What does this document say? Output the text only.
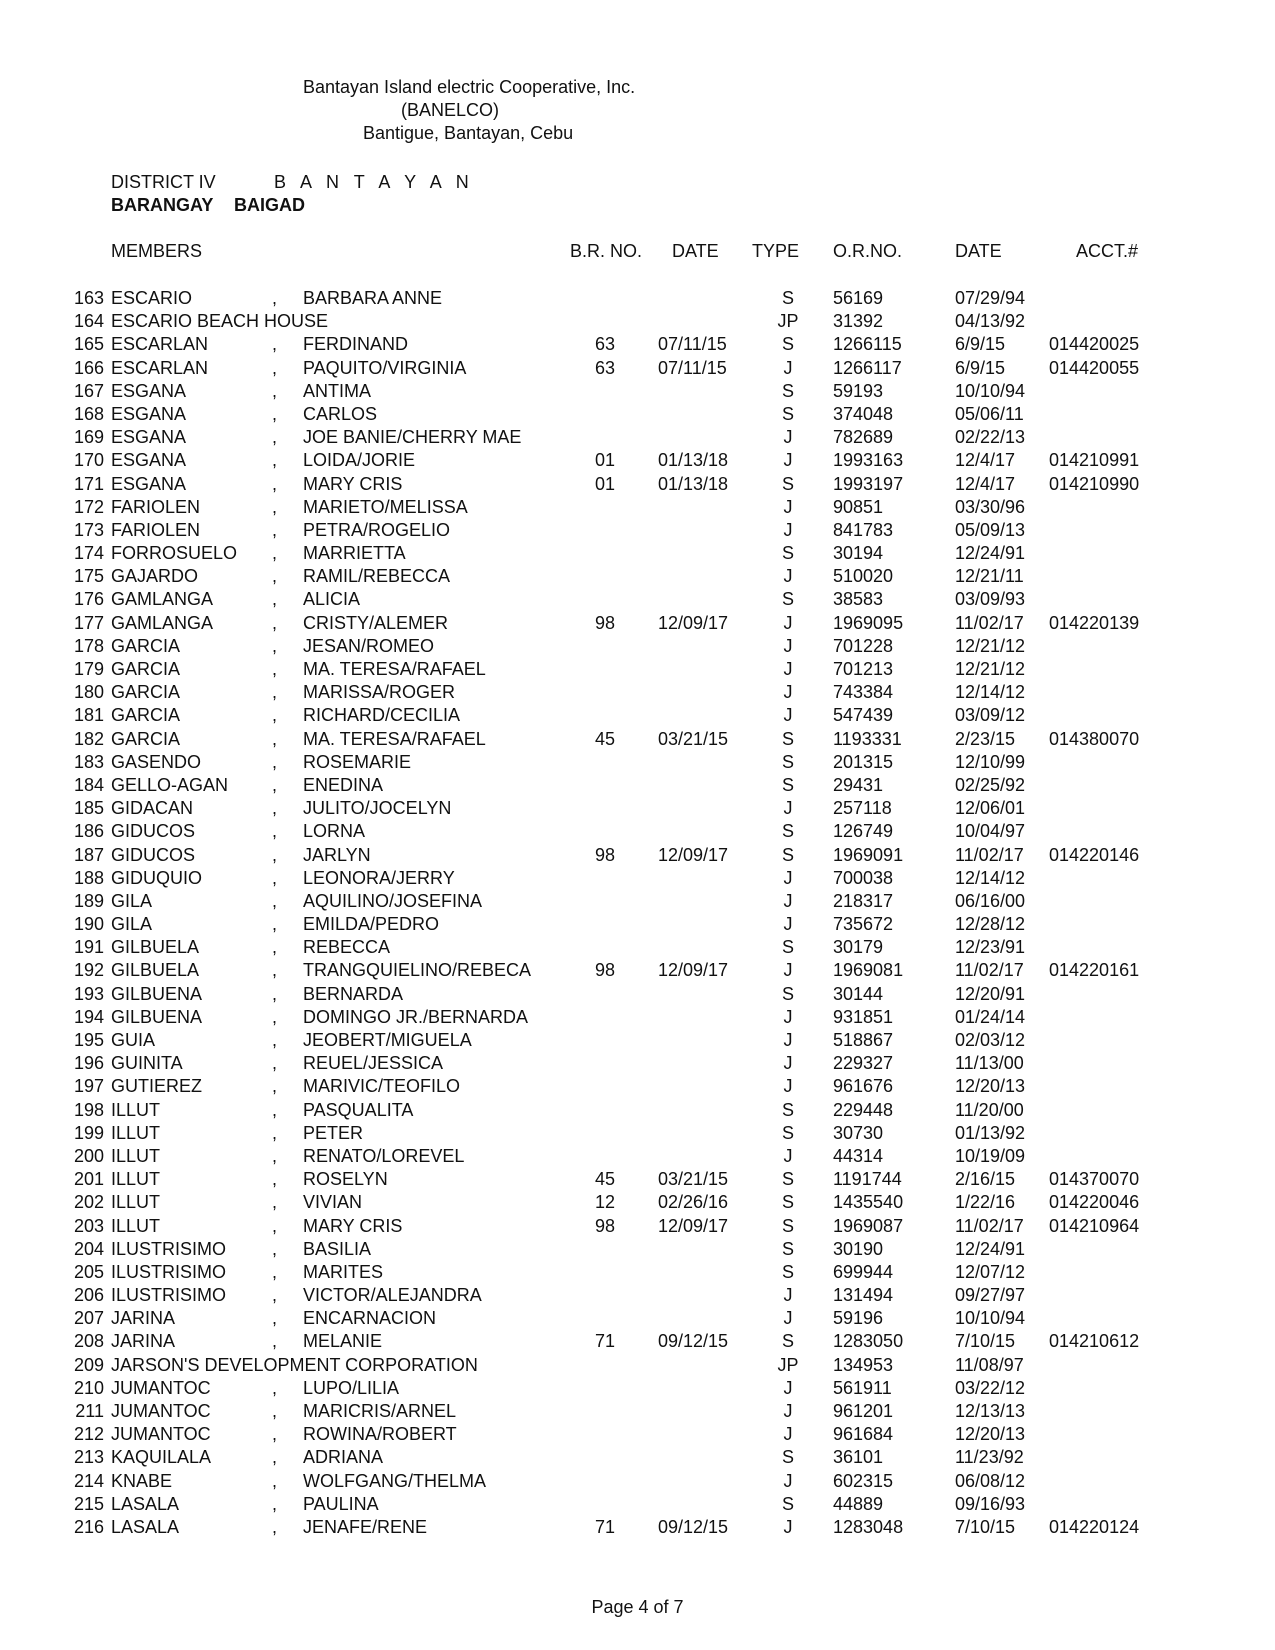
Bantayan Island electric Cooperative, Inc.
(BANELCO)
Bantigue, Bantayan, Cebu
DISTRICT IV	B A N T A Y A N
BARANGAY BAIGAD
MEMBERS	B.R. NO. DATE TYPE O.R.NO.	DATE	ACCT.#
163 ESCARIO	, BARBARA ANNE	S	56169	07/29/94
164 ESCARIO BEACH HOUSE	JP	31392	04/13/92
165 ESCARLAN	, FERDINAND	63	07/11/15	S	1266115	6/9/15 014420025
166 ESCARLAN	, PAQUITO/VIRGINIA	63	07/11/15	J	1266117	6/9/15 014420055
167 ESGANA	, ANTIMA	S	59193	10/10/94
168 ESGANA	, CARLOS	S	374048	05/06/11
169 ESGANA	, JOE BANIE/CHERRY MAE	J	782689	02/22/13
170 ESGANA	, LOIDA/JORIE	01	01/13/18	J	1993163	12/4/17 014210991
171 ESGANA	, MARY CRIS	01	01/13/18	S	1993197	12/4/17 014210990
172 FARIOLEN	, MARIETO/MELISSA	J	90851	03/30/96
173 FARIOLEN	, PETRA/ROGELIO	J	841783	05/09/13
174 FORROSUELO , MARRIETTA	S	30194	12/24/91
175 GAJARDO	, RAMIL/REBECCA	J	510020	12/21/11
176 GAMLANGA	, ALICIA	S	38583	03/09/93
177 GAMLANGA	, CRISTY/ALEMER	98	12/09/17	J	1969095	11/02/17 014220139
178 GARCIA	, JESAN/ROMEO	J	701228	12/21/12
179 GARCIA	, MA. TERESA/RAFAEL	J	701213	12/21/12
180 GARCIA	, MARISSA/ROGER	J	743384	12/14/12
181 GARCIA	, RICHARD/CECILIA	J	547439	03/09/12
182 GARCIA	, MA. TERESA/RAFAEL	45	03/21/15	S	1193331	2/23/15 014380070
183 GASENDO	, ROSEMARIE	S	201315	12/10/99
184 GELLO-AGAN , ENEDINA	S	29431	02/25/92
185 GIDACAN	, JULITO/JOCELYN	J	257118	12/06/01
186 GIDUCOS	, LORNA	S	126749	10/04/97
187 GIDUCOS	, JARLYN	98	12/09/17	S	1969091	11/02/17 014220146
188 GIDUQUIO	, LEONORA/JERRY	J	700038	12/14/12
189 GILA	, AQUILINO/JOSEFINA	J	218317	06/16/00
190 GILA	, EMILDA/PEDRO	J	735672	12/28/12
191 GILBUELA	, REBECCA	S	30179	12/23/91
192 GILBUELA	, TRANGQUIELINO/REBECA	98	12/09/17	J	1969081	11/02/17 014220161
193 GILBUENA	, BERNARDA	S	30144	12/20/91
194 GILBUENA	, DOMINGO JR./BERNARDA	J	931851	01/24/14
195 GUIA	, JEOBERT/MIGUELA	J	518867	02/03/12
196 GUINITA	, REUEL/JESSICA	J	229327	11/13/00
197 GUTIEREZ	, MARIVIC/TEOFILO	J	961676	12/20/13
198 ILLUT	, PASQUALITA	S	229448	11/20/00
199 ILLUT	, PETER	S	30730	01/13/92
200 ILLUT	, RENATO/LOREVEL	J	44314	10/19/09
201 ILLUT	, ROSELYN	45	03/21/15	S	1191744	2/16/15 014370070
202 ILLUT	, VIVIAN	12	02/26/16	S	1435540	1/22/16 014220046
203 ILLUT	, MARY CRIS	98	12/09/17	S	1969087	11/02/17 014210964
204 ILUSTRISIMO	, BASILIA	S	30190	12/24/91
205 ILUSTRISIMO	, MARITES	S	699944	12/07/12
206 ILUSTRISIMO	, VICTOR/ALEJANDRA	J	131494	09/27/97
207 JARINA	, ENCARNACION	J	59196	10/10/94
208 JARINA	, MELANIE	71	09/12/15	S	1283050	7/10/15 014210612
209 JARSON'S DEVELOPMENT CORPORATION	JP	134953	11/08/97
210 JUMANTOC	, LUPO/LILIA	J	561911	03/22/12
211 JUMANTOC	, MARICRIS/ARNEL	J	961201	12/13/13
212 JUMANTOC	, ROWINA/ROBERT	J	961684	12/20/13
213 KAQUILALA	, ADRIANA	S	36101	11/23/92
214 KNABE	, WOLFGANG/THELMA	J	602315	06/08/12
215 LASALA	, PAULINA	S	44889	09/16/93
216 LASALA	, JENAFE/RENE	71	09/12/15	J	1283048	7/10/15 014220124
Page 4 of 7
